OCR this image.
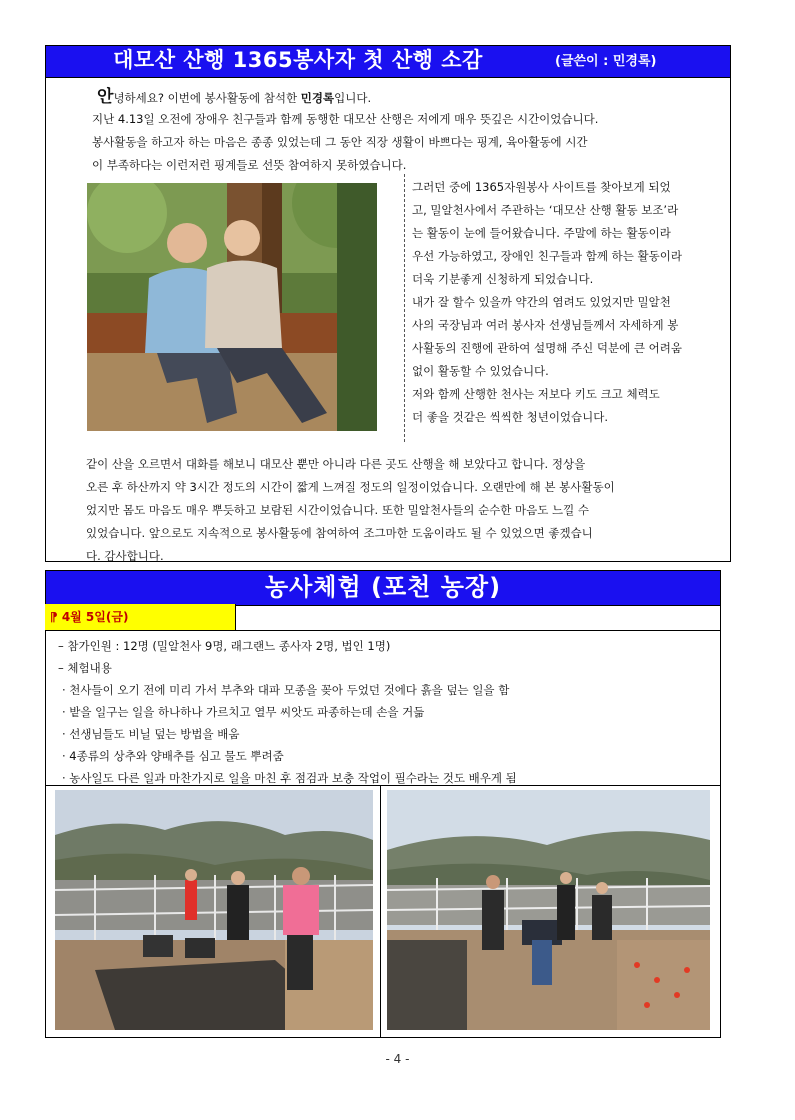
대모산 산행 1365봉사자 첫 산행 소감	(글쓴이 : 민경록)
안녕하세요? 이번에 봉사활동에 참석한 민경록입니다.
지난 4.13일 오전에 장애우 친구들과 함께 동행한 대모산 산행은 저에게 매우 뜻깊은 시간이었습니다.
봉사활동을 하고자 하는 마음은 종종 있었는데 그 동안 직장 생활이 바쁘다는 핑계, 육아활동에 시간
이 부족하다는 이런저런 핑계들로 선뜻 참여하지 못하였습니다.
그러던 중에 1365자원봉사 사이트를 찾아보게 되었
고, 밀알천사에서 주관하는 ‘대모산 산행 활동 보조’라
는 활동이 눈에 들어왔습니다. 주말에 하는 활동이라
우선 가능하였고, 장애인 친구들과 함께 하는 활동이라
더욱 기분좋게 신청하게 되었습니다.
내가 잘 할수 있을까 약간의 염려도 있었지만 밀알천
사의 국장님과 여러 봉사자 선생님들께서 자세하게 봉
사활동의 진행에 관하여 설명해 주신 덕분에 큰 어려움
없이 활동할 수 있었습니다.
저와 함께 산행한 천사는 저보다 키도 크고 체력도
더 좋을 것같은 씩씩한 청년이었습니다.
같이 산을 오르면서 대화를 해보니 대모산 뿐만 아니라 다른 곳도 산행을 해 보았다고 합니다. 정상을
오른 후 하산까지 약 3시간 정도의 시간이 짧게 느껴질 정도의 일정이었습니다. 오랜만에 해 본 봉사활동이
었지만 몸도 마음도 매우 뿌듯하고 보람된 시간이었습니다. 또한 밀알천사들의 순수한 마음도 느낄 수
있었습니다. 앞으로도 지속적으로 봉사활동에 참여하여 조그마한 도움이라도 될 수 있었으면 좋겠습니
다. 감사합니다.
농사체험 (포천 농장)
⁋ 4월 5일(금)
– 참가인원 : 12명 (밀알천사 9명, 래그랜느 종사자 2명, 법인 1명)
– 체험내용
· 천사들이 오기 전에 미리 가서 부추와 대파 모종을 꽂아 두었던 것에다 흙을 덮는 일을 함
· 밭을 일구는 일을 하나하나 가르치고 열무 씨앗도 파종하는데 손을 거듦
· 선생님들도 비닐 덮는 방법을 배움
· 4종류의 상추와 양배추를 심고 물도 뿌려줌
· 농사일도 다른 일과 마찬가지로 일을 마친 후 점검과 보충 작업이 필수라는 것도 배우게 됨
- 4 -
